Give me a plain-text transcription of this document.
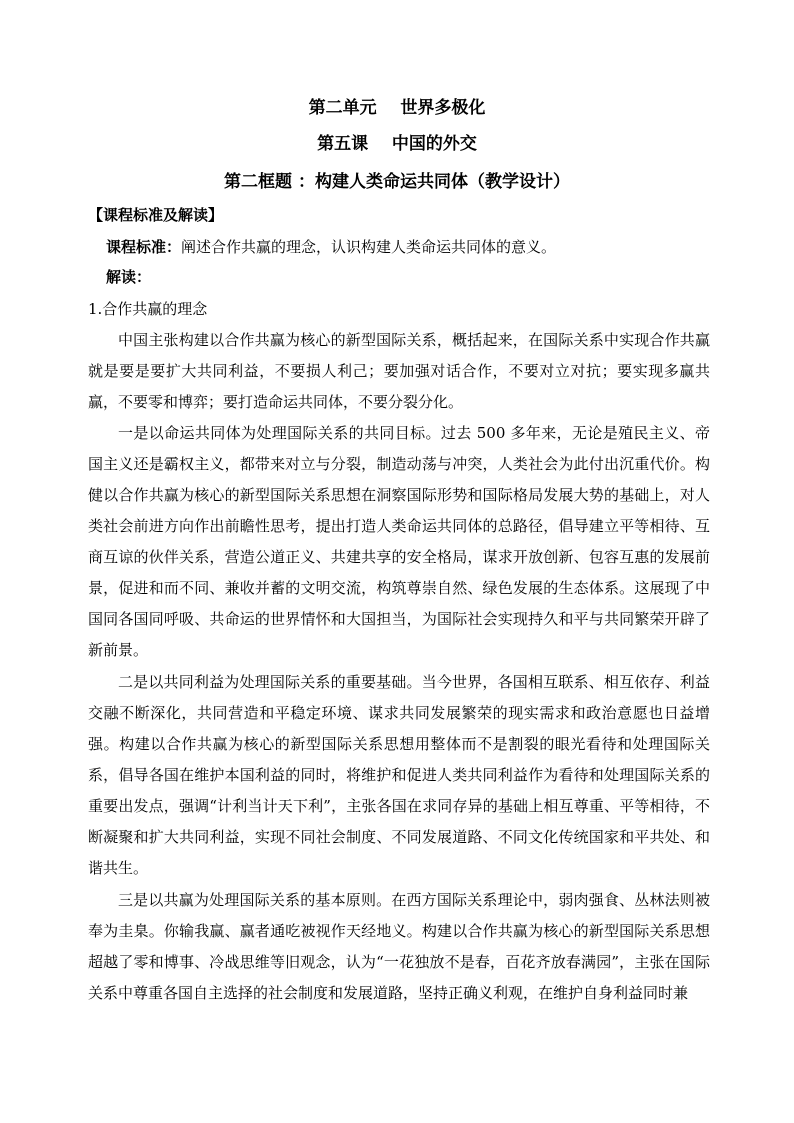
第二单元    世界多极化
第五课    中国的外交
第二框题 ：构建人类命运共同体（教学设计）
【课程标准及解读】
课程标准：阐述合作共赢的理念，认识构建人类命运共同体的意义。
解读：
1.合作共赢的理念

中国主张构建以合作共赢为核心的新型国际关系，概括起来，在国际关系中实现合作共赢就是要是要扩大共同利益，不要损人利己；要加强对话合作，不要对立对抗；要实现多赢共赢，不要零和博弈；要打造命运共同体，不要分裂分化。

一是以命运共同体为处理国际关系的共同目标。过去 500 多年来，无论是殖民主义、帝国主义还是霸权主义，都带来对立与分裂，制造动荡与冲突，人类社会为此付出沉重代价。构健以合作共赢为核心的新型国际关系思想在洞察国际形势和国际格局发展大势的基础上，对人类社会前进方向作出前瞻性思考，提出打造人类命运共同体的总路径，倡导建立平等相待、互商互谅的伙伴关系，营造公道正义、共建共享的安全格局，谋求开放创新、包容互惠的发展前景，促进和而不同、兼收并蓄的文明交流，构筑尊崇自然、绿色发展的生态体系。这展现了中国同各国同呼吸、共命运的世界情怀和大国担当，为国际社会实现持久和平与共同繁荣开辟了新前景。

二是以共同利益为处理国际关系的重要基础。当今世界，各国相互联系、相互依存、利益交融不断深化，共同营造和平稳定环境、谋求共同发展繁荣的现实需求和政治意愿也日益增强。构建以合作共赢为核心的新型国际关系思想用整体而不是割裂的眼光看待和处理国际关系，倡导各国在维护本国利益的同时，将维护和促进人类共同利益作为看待和处理国际关系的重要出发点，强调“计利当计天下利”，主张各国在求同存异的基础上相互尊重、平等相待，不断凝聚和扩大共同利益，实现不同社会制度、不同发展道路、不同文化传统国家和平共处、和谐共生。

三是以共赢为处理国际关系的基本原则。在西方国际关系理论中，弱肉强食、丛林法则被奉为圭臬。你输我赢、赢者通吃被视作天经地义。构建以合作共赢为核心的新型国际关系思想超越了零和博事、冷战思维等旧观念，认为“一花独放不是春，百花齐放春满园”，主张在国际关系中尊重各国自主选择的社会制度和发展道路，坚持正确义利观，在维护自身利益同时兼
